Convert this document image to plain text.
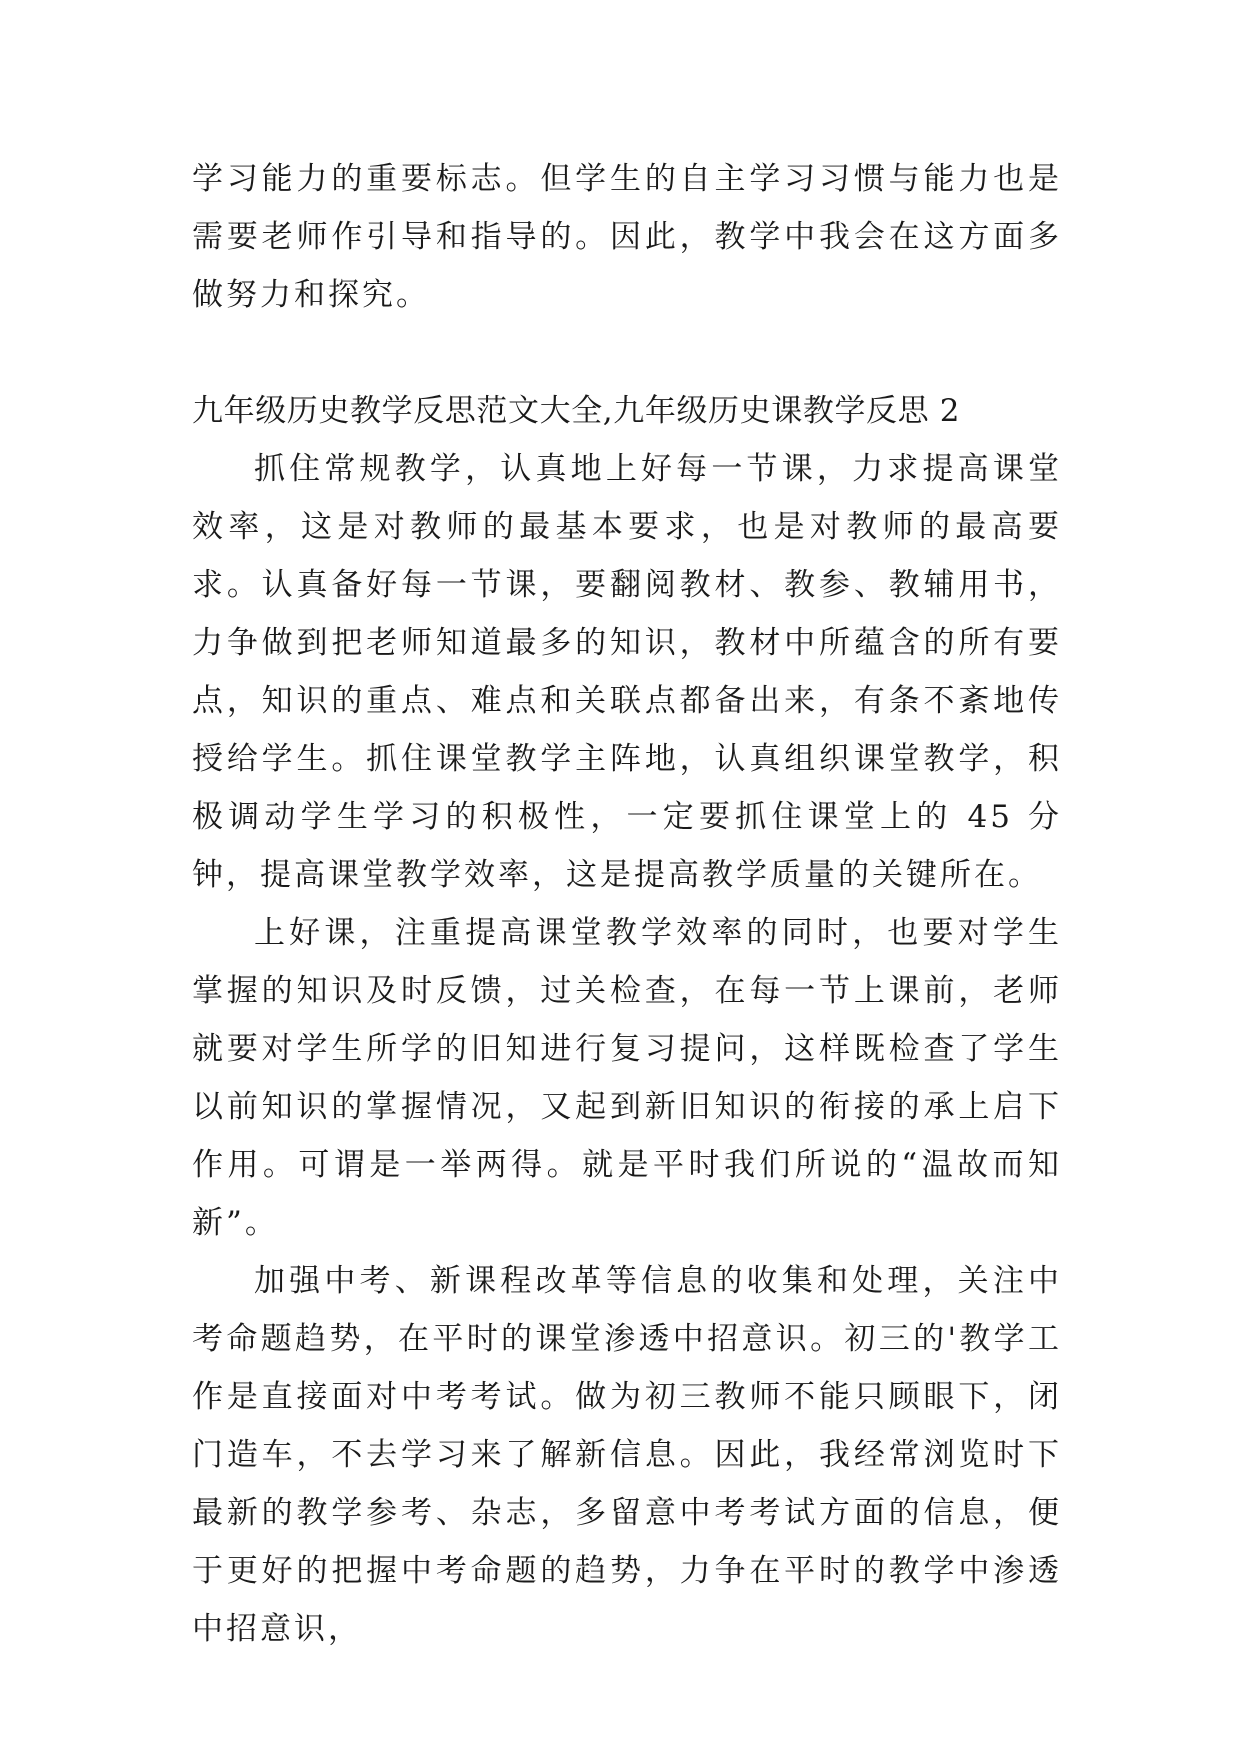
学习能力的重要标志。但学生的自主学习习惯与能力也是需要老师作引导和指导的。因此，教学中我会在这方面多做努力和探究。

九年级历史教学反思范文大全,九年级历史课教学反思 2

抓住常规教学，认真地上好每一节课，力求提高课堂效率，这是对教师的最基本要求，也是对教师的最高要求。认真备好每一节课，要翻阅教材、教参、教辅用书，力争做到把老师知道最多的知识，教材中所蕴含的所有要点，知识的重点、难点和关联点都备出来，有条不紊地传授给学生。抓住课堂教学主阵地，认真组织课堂教学，积极调动学生学习的积极性，一定要抓住课堂上的 45 分钟，提高课堂教学效率，这是提高教学质量的关键所在。

上好课，注重提高课堂教学效率的同时，也要对学生掌握的知识及时反馈，过关检查，在每一节上课前，老师就要对学生所学的旧知进行复习提问，这样既检查了学生以前知识的掌握情况，又起到新旧知识的衔接的承上启下作用。可谓是一举两得。就是平时我们所说的“温故而知新”。

加强中考、新课程改革等信息的收集和处理，关注中考命题趋势，在平时的课堂渗透中招意识。初三的'教学工作是直接面对中考考试。做为初三教师不能只顾眼下，闭门造车，不去学习来了解新信息。因此，我经常浏览时下最新的教学参考、杂志，多留意中考考试方面的信息，便于更好的把握中考命题的趋势，力争在平时的教学中渗透中招意识，
